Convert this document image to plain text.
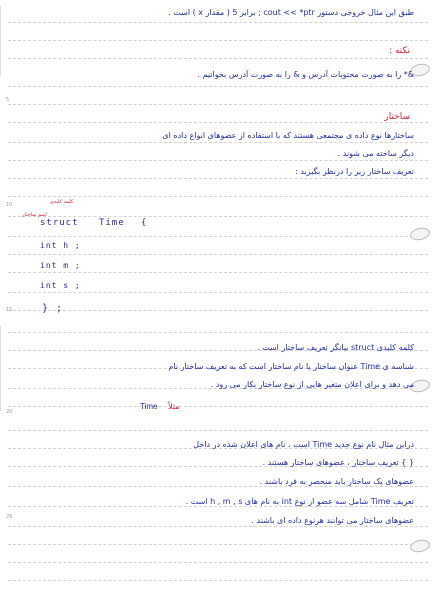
5
10
15
20
25
طبق این مثال خروجی دستور cout << *ptr ; برابر 5 ( مقدار x ) است .
نکته :
&* را به صورت محتویات آدرس و & را به صورت آدرس بخوانیم .
ساختار
ساختارها نوع داده ی مجتمعی هستند که با استفاده از عضوهای انواع داده ای
دیگر ساخته می شوند .
تعریف ساختار زیر را درنظر بگیرید :
کلمه کلیدی
اسم ساختار
struct Time {
int h ;
int m ;
int s ;
} ;
کلمه کلیدی struct بیانگر تعریف ساختار است .
شناسه ی Time عنوان ساختار یا نام ساختار است که به تعریف ساختار نام
می دهد و برای اعلان متغیر هایی از نوع ساختار بکار می رود .
Time مثلاً
دراین مثال نام نوع جدید Time است ، نام های اعلان شده در داخل
{ } تعریف ساختار ، عضوهای ساختار هستند .
عضوهای یک ساختار باید منحصر به فرد باشند .
تعریف Time شامل سه عضو از نوع int به نام های h , m , s است .
عضوهای ساختار می توانند هرنوع داده ای باشند .
